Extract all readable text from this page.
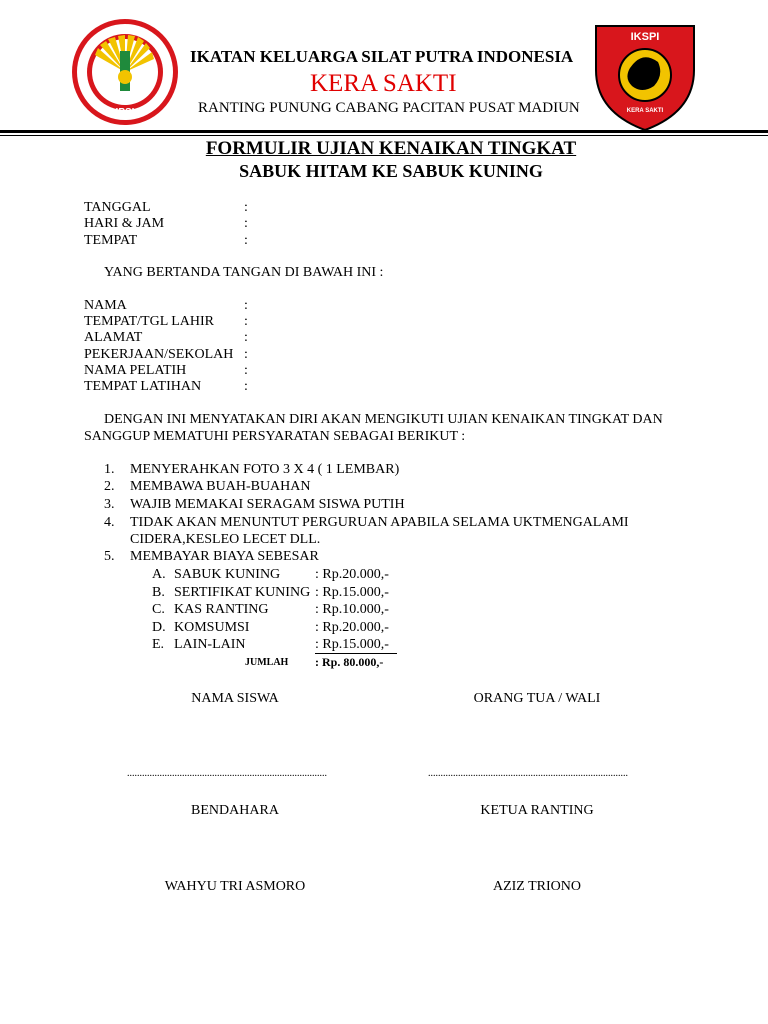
IPSI
IKSPI
KERA SAKTI
IKATAN KELUARGA SILAT PUTRA INDONESIA
KERA SAKTI
RANTING PUNUNG CABANG PACITAN PUSAT MADIUN
FORMULIR UJIAN KENAIKAN TINGKAT
SABUK HITAM KE SABUK KUNING
TANGGAL	:
HARI & JAM	:
TEMPAT	:
YANG BERTANDA TANGAN DI BAWAH INI :
NAMA	:
TEMPAT/TGL LAHIR :
ALAMAT	:
PEKERJAAN/SEKOLAH :
NAMA PELATIH	:
TEMPAT LATIHAN	:
DENGAN INI MENYATAKAN DIRI AKAN MENGIKUTI UJIAN KENAIKAN TINGKAT DAN
SANGGUP MEMATUHI PERSYARATAN SEBAGAI BERIKUT :
1. MENYERAHKAN FOTO 3 X 4 ( 1 LEMBAR)
2. MEMBAWA BUAH-BUAHAN
3. WAJIB MEMAKAI SERAGAM SISWA PUTIH
4. TIDAK AKAN MENUNTUT PERGURUAN APABILA SELAMA UKTMENGALAMI
CIDERA,KESLEO LECET DLL.
5. MEMBAYAR BIAYA SEBESAR
A. SABUK KUNING : Rp.20.000,-
B. SERTIFIKAT KUNING : Rp.15.000,-
C. KAS RANTING	: Rp.10.000,-
D. KOMSUMSI	: Rp.20.000,-
E. LAIN-LAIN	: Rp.15.000,-
JUMLAH : Rp. 80.000,-
NAMA SISWA	ORANG TUA / WALI
................................................................................	................................................................................
BENDAHARA	KETUA RANTING
WAHYU TRI ASMORO	AZIZ TRIONO
